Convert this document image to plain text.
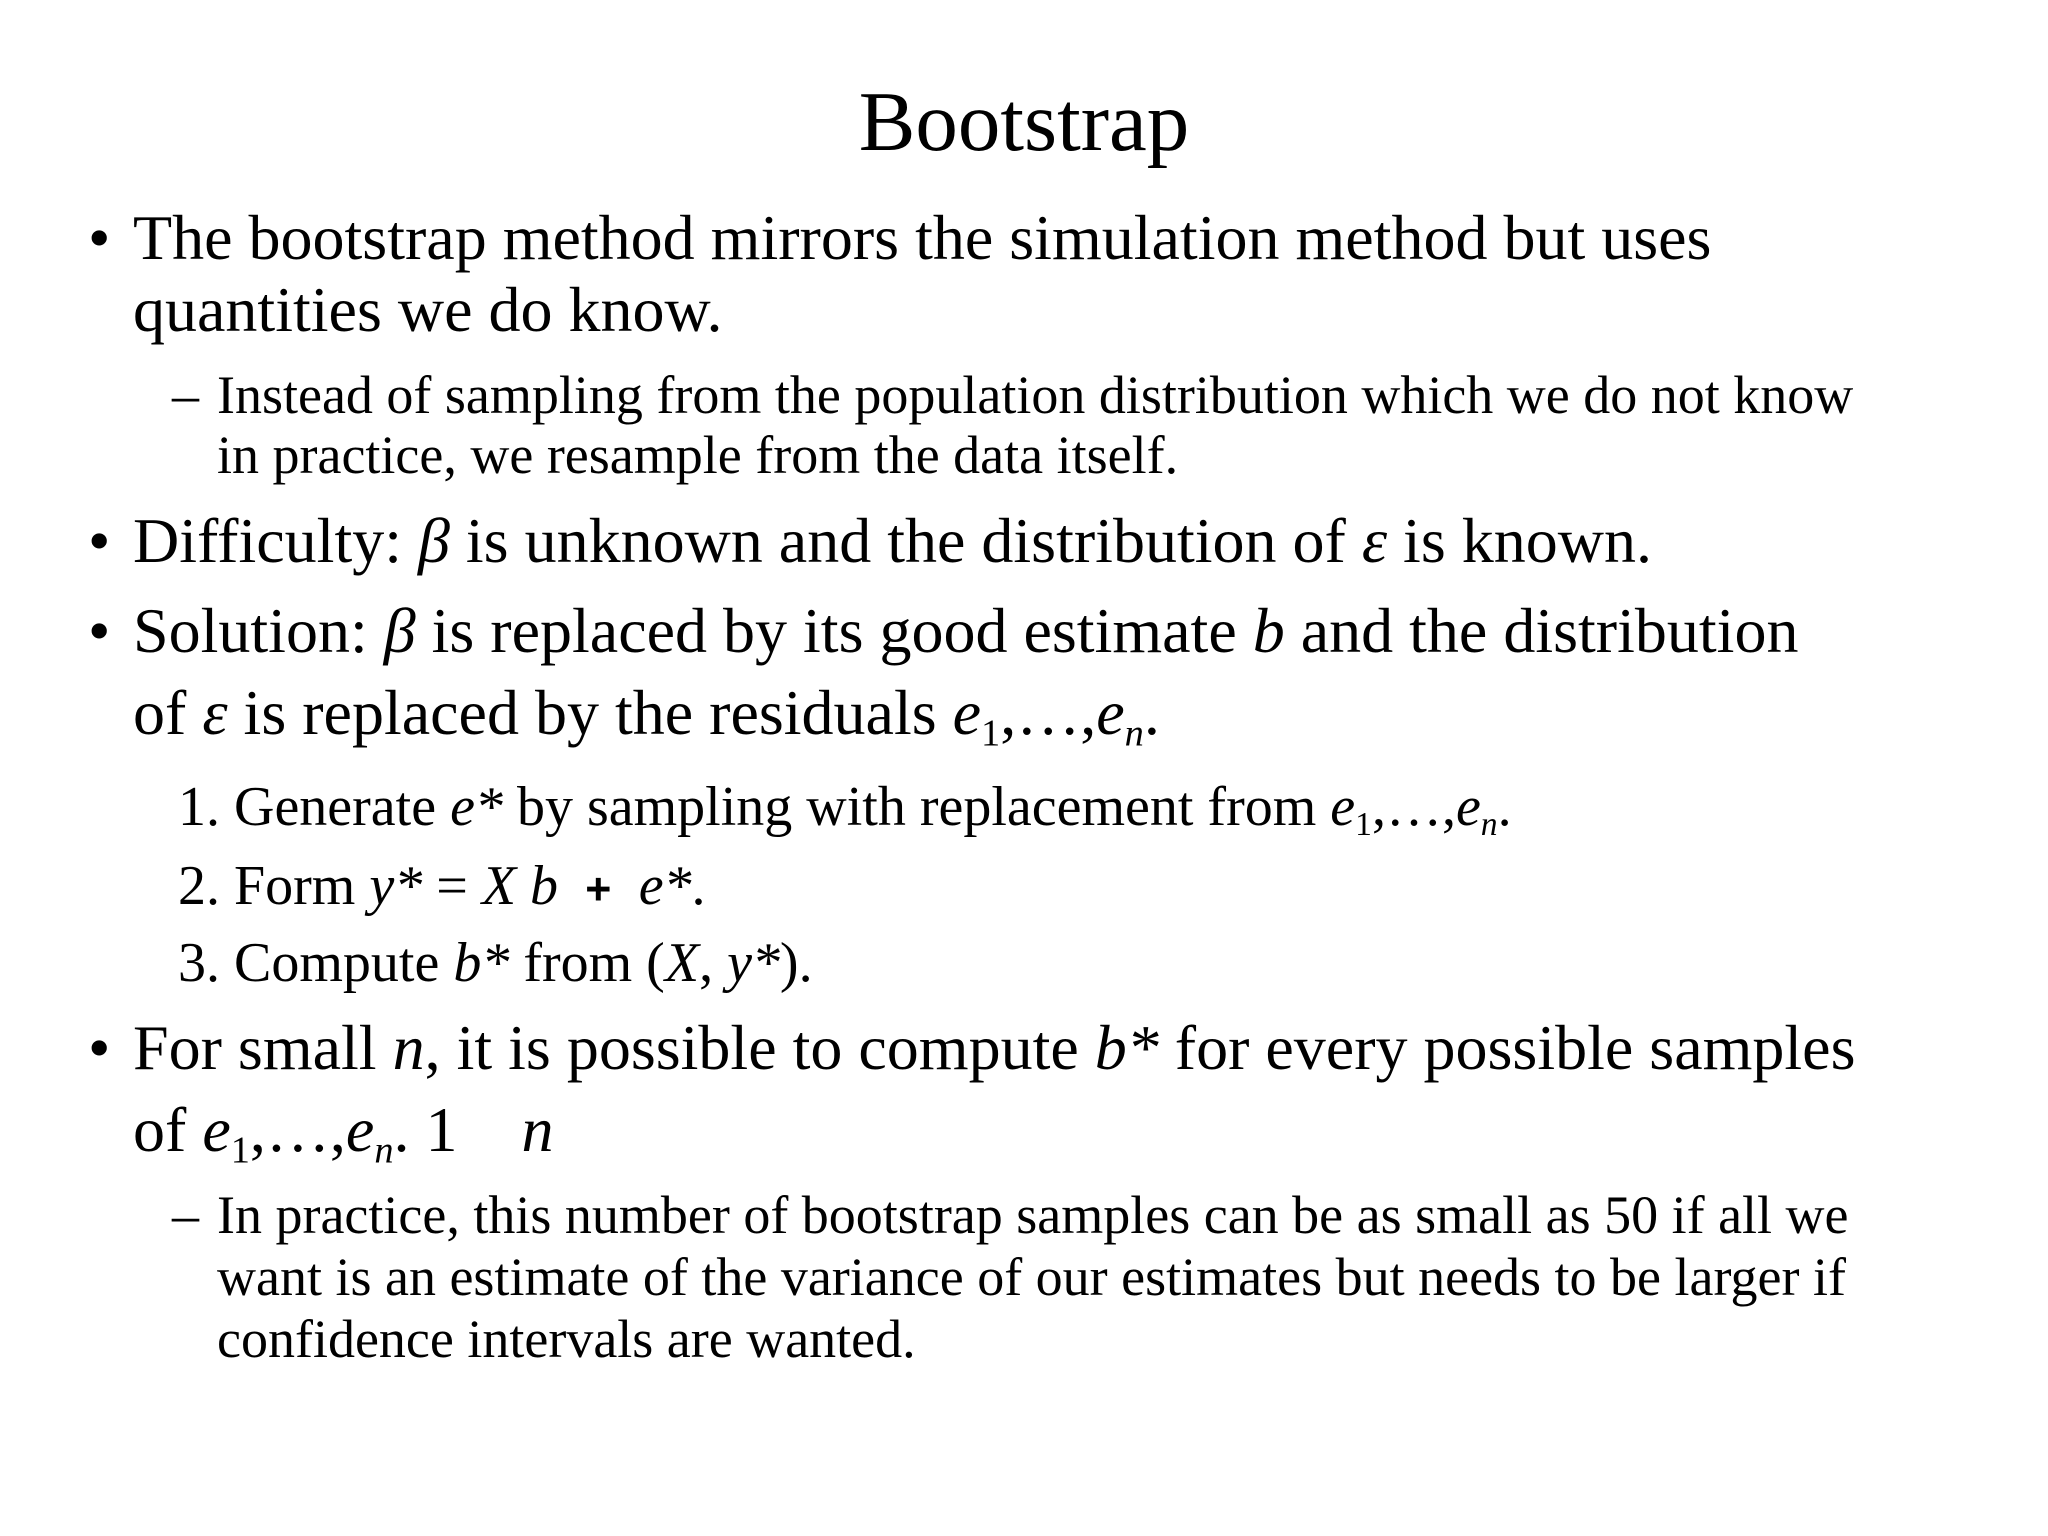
Bootstrap
• The bootstrap method mirrors the simulation method but uses

quantities we do know.

– Instead of sampling from the population distribution which we do not know

in practice, we resample from the data itself.

• Difficulty: β is unknown and the distribution of ε is known.

• Solution: β is replaced by its good estimate b and the distribution

of ε is replaced by the residuals $e_1,\dots,e_n$.

1. Generate e* by sampling with replacement from $e_1,\dots,e_n$.

2. Form y* = X b + e*.

3. Compute b* from (X, y*).

• For small n, it is possible to compute b* for every possible samples

of $e_1,\dots,e_n$. 1    n

– In practice, this number of bootstrap samples can be as small as 50 if all we

want is an estimate of the variance of our estimates but needs to be larger if

confidence intervals are wanted.
